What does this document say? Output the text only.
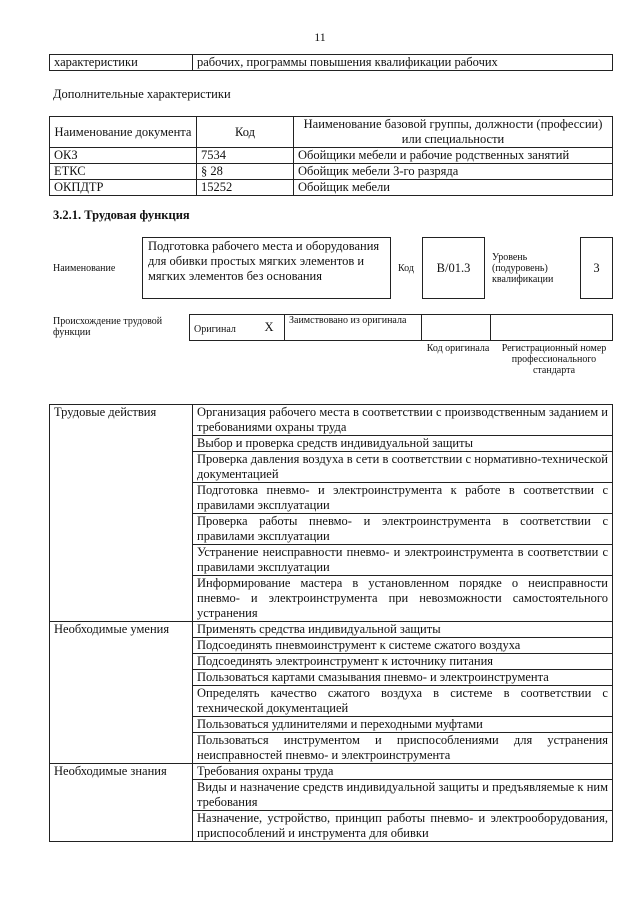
11
характеристики	рабочих, программы повышения квалификации рабочих
Дополнительные характеристики
Наименование документа	Код	Наименование базовой группы, должности (профессии) или специальности
ОКЗ	7534	Обойщики мебели и рабочие родственных занятий
ЕТКС	§ 28	Обойщик мебели 3-го разряда
ОКПДТР	15252	Обойщик мебели
3.2.1. Трудовая функция
Наименование
Подготовка рабочего места и оборудования для обивки простых мягких элементов и мягких элементов без основания
Код	B/01.3
Уровень (подуровень) квалификации
3
Происхождение трудовой функции	Оригинал	X	Заимствовано из оригинала		
Код оригинала	Регистрационный номер профессионального стандарта
Трудовые действия	Организация рабочего места в соответствии с производственным заданием и требованиями охраны труда
	Выбор и проверка средств индивидуальной защиты
	Проверка давления воздуха в сети в соответствии с нормативно-технической документацией
	Подготовка пневмо- и электроинструмента к работе в соответствии с правилами эксплуатации
	Проверка работы пневмо- и электроинструмента в соответствии с правилами эксплуатации
	Устранение неисправности пневмо- и электроинструмента в соответствии с правилами эксплуатации
	Информирование мастера в установленном порядке о неисправности пневмо- и электроинструмента при невозможности самостоятельного устранения
Необходимые умения	Применять средства индивидуальной защиты
	Подсоединять пневмоинструмент к системе сжатого воздуха
	Подсоединять электроинструмент к источнику питания
	Пользоваться картами смазывания пневмо- и электроинструмента
	Определять качество сжатого воздуха в системе в соответствии с технической документацией
	Пользоваться удлинителями и переходными муфтами
	Пользоваться инструментом и приспособлениями для устранения неисправностей пневмо- и электроинструмента
Необходимые знания	Требования охраны труда
	Виды и назначение средств индивидуальной защиты и предъявляемые к ним требования
	Назначение, устройство, принцип работы пневмо- и электрооборудования, приспособлений и инструмента для обивки
